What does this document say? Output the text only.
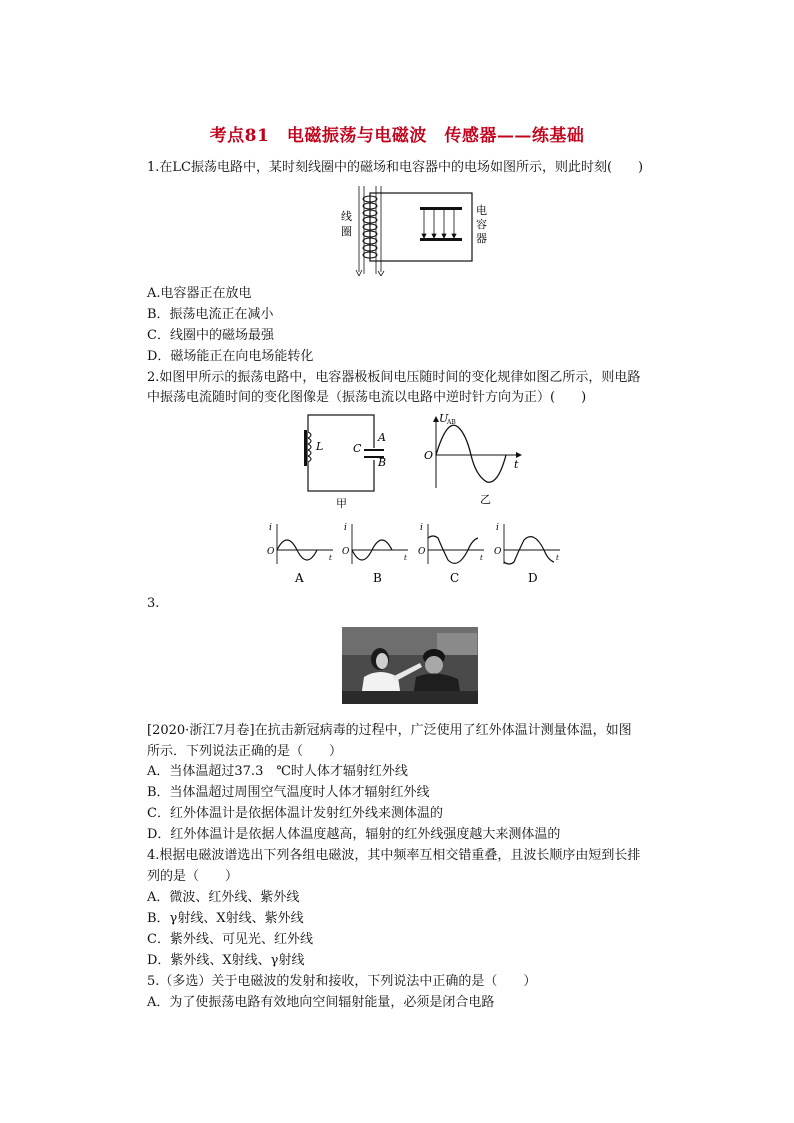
考点81　电磁振荡与电磁波　传感器——练基础
1.在LC振荡电路中，某时刻线圈中的磁场和电容器中的电场如图所示，则此时刻(　　)
线
圈
电
容
器
A.电容器正在放电
B．振荡电流正在减小
C．线圈中的磁场最强
D．磁场能正在向电场能转化
2.如图甲所示的振荡电路中，电容器极板间电压随时间的变化规律如图乙所示，则电路
中振荡电流随时间的变化图像是（振荡电流以电路中逆时针方向为正）(　　)
L	C
A
B
甲
U
AB
O
t
乙
i
O
t
A
i
O
t
B
i
O
t
C
i
O
t
D
3.
[2020·浙江7月卷]在抗击新冠病毒的过程中，广泛使用了红外体温计测量体温，如图
所示．下列说法正确的是（　　）
A．当体温超过37.3　℃时人体才辐射红外线
B．当体温超过周围空气温度时人体才辐射红外线
C．红外体温计是依据体温计发射红外线来测体温的
D．红外体温计是依据人体温度越高，辐射的红外线强度越大来测体温的
4.根据电磁波谱选出下列各组电磁波，其中频率互相交错重叠，且波长顺序由短到长排
列的是（　　）
A．微波、红外线、紫外线
B．γ射线、X射线、紫外线
C．紫外线、可见光、红外线
D．紫外线、X射线、γ射线
5.（多选）关于电磁波的发射和接收，下列说法中正确的是（　　）
A．为了使振荡电路有效地向空间辐射能量，必须是闭合电路
